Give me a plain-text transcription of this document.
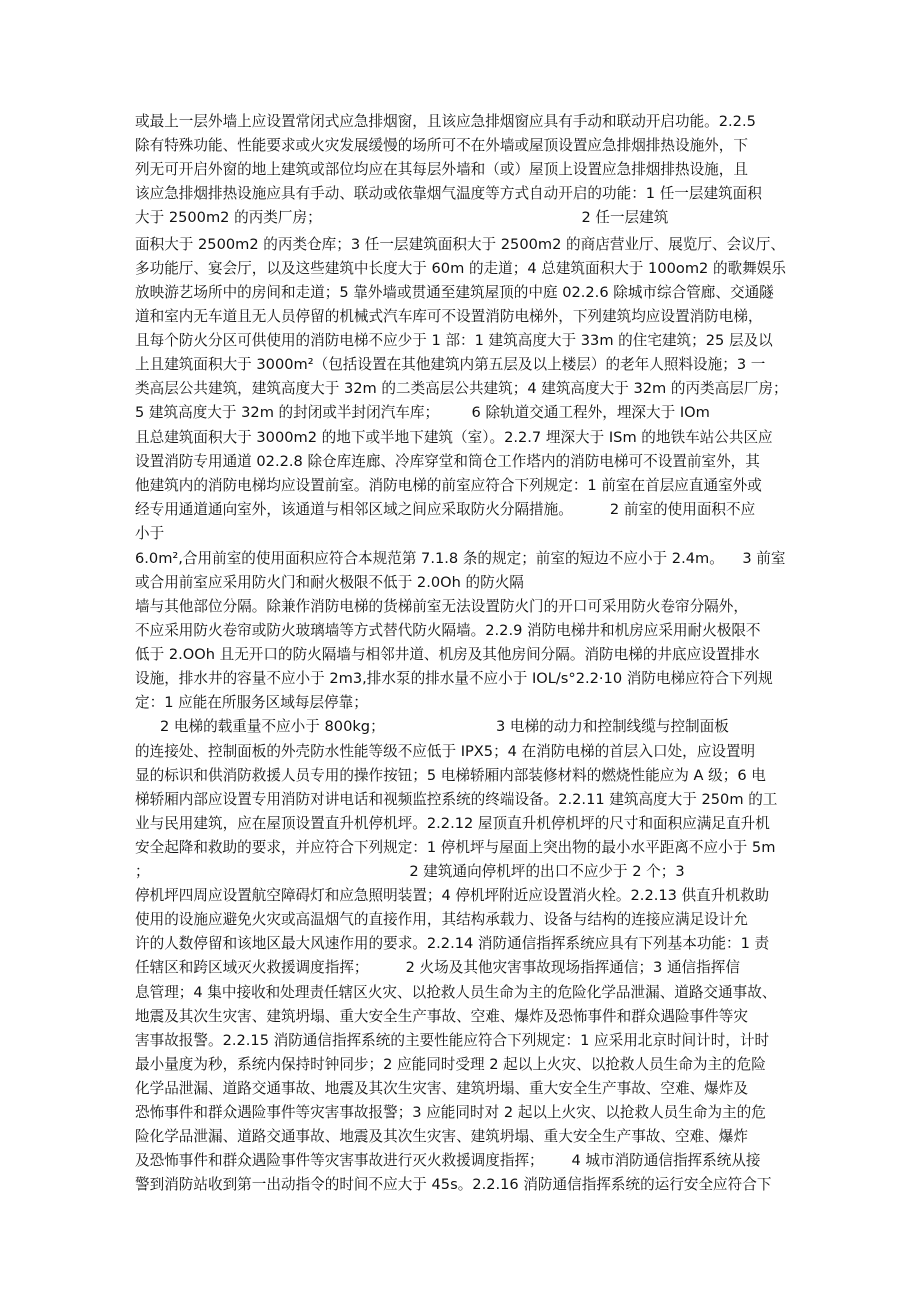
或最上一层外墙上应设置常闭式应急排烟窗，且该应急排烟窗应具有手动和联动开启功能。2.2.5
除有特殊功能、性能要求或火灾发展缓慢的场所可不在外墙或屋顶设置应急排烟排热设施外，下
列无可开启外窗的地上建筑或部位均应在其每层外墙和（或）屋顶上设置应急排烟排热设施，且
该应急排烟排热设施应具有手动、联动或依靠烟气温度等方式自动开启的功能：1 任一层建筑面积
大于 2500m2 的丙类厂房；                                                        2 任一层建筑
面积大于 2500m2 的丙类仓库；3 任一层建筑面积大于 2500m2 的商店营业厅、展览厅、会议厅、
多功能厅、宴会厅，以及这些建筑中长度大于 60m 的走道；4 总建筑面积大于 100om2 的歌舞娱乐
放映游艺场所中的房间和走道；5 靠外墙或贯通至建筑屋顶的中庭 02.2.6 除城市综合管廊、交通隧
道和室内无车道且无人员停留的机械式汽车库可不设置消防电梯外，下列建筑均应设置消防电梯，
且每个防火分区可供使用的消防电梯不应少于 1 部：1 建筑高度大于 33m 的住宅建筑；25 层及以
上且建筑面积大于 3000m²（包括设置在其他建筑内第五层及以上楼层）的老年人照料设施；3 一
类高层公共建筑，建筑高度大于 32m 的二类高层公共建筑；4 建筑高度大于 32m 的丙类高层厂房；
5 建筑高度大于 32m 的封闭或半封闭汽车库；       6 除轨道交通工程外，埋深大于 IOm
且总建筑面积大于 3000m2 的地下或半地下建筑（室）。2.2.7 埋深大于 ISm 的地铁车站公共区应
设置消防专用通道 02.2.8 除仓库连廊、冷库穿堂和筒仓工作塔内的消防电梯可不设置前室外，其
他建筑内的消防电梯均应设置前室。消防电梯的前室应符合下列规定：1 前室在首层应直通室外或
经专用通道通向室外，该通道与相邻区域之间应采取防火分隔措施。        2 前室的使用面积不应
小于
6.0m²,合用前室的使用面积应符合本规范第 7.1.8 条的规定；前室的短边不应小于 2.4m。    3 前室
或合用前室应采用防火门和耐火极限不低于 2.0Oh 的防火隔
墙与其他部位分隔。除兼作消防电梯的货梯前室无法设置防火门的开口可采用防火卷帘分隔外，
不应采用防火卷帘或防火玻璃墙等方式替代防火隔墙。2.2.9 消防电梯井和机房应采用耐火极限不
低于 2.OOh 且无开口的防火隔墙与相邻井道、机房及其他房间分隔。消防电梯的井底应设置排水
设施，排水井的容量不应小于 2m3,排水泵的排水量不应小于 IOL∕s°2.2·10 消防电梯应符合下列规
定：1 应能在所服务区域每层停靠；
2 电梯的载重量不应小于 800kg；                        3 电梯的动力和控制线缆与控制面板
的连接处、控制面板的外壳防水性能等级不应低于 IPX5；4 在消防电梯的首层入口处，应设置明
显的标识和供消防救援人员专用的操作按钮；5 电梯轿厢内部装修材料的燃烧性能应为 A 级；6 电
梯轿厢内部应设置专用消防对讲电话和视频监控系统的终端设备。2.2.11 建筑高度大于 250m 的工
业与民用建筑，应在屋顶设置直升机停机坪。2.2.12 屋顶直升机停机坪的尺寸和面积应满足直升机
安全起降和救助的要求，并应符合下列规定：1 停机坪与屋面上突出物的最小水平距离不应小于 5m
；                                                        2 建筑通向停机坪的出口不应少于 2 个；3
停机坪四周应设置航空障碍灯和应急照明装置；4 停机坪附近应设置消火栓。2.2.13 供直升机救助
使用的设施应避免火灾或高温烟气的直接作用，其结构承载力、设备与结构的连接应满足设计允
许的人数停留和该地区最大风速作用的要求。2.2.14 消防通信指挥系统应具有下列基本功能：1 责
任辖区和跨区域灭火救援调度指挥；        2 火场及其他灾害事故现场指挥通信；3 通信指挥信
息管理；4 集中接收和处理责任辖区火灾、以抢救人员生命为主的危险化学品泄漏、道路交通事故、
地震及其次生灾害、建筑坍塌、重大安全生产事故、空难、爆炸及恐怖事件和群众遇险事件等灾
害事故报警。2.2.15 消防通信指挥系统的主要性能应符合下列规定：1 应采用北京时间计时，计时
最小量度为秒，系统内保持时钟同步；2 应能同时受理 2 起以上火灾、以抢救人员生命为主的危险
化学品泄漏、道路交通事故、地震及其次生灾害、建筑坍塌、重大安全生产事故、空难、爆炸及
恐怖事件和群众遇险事件等灾害事故报警；3 应能同时对 2 起以上火灾、以抢救人员生命为主的危
险化学品泄漏、道路交通事故、地震及其次生灾害、建筑坍塌、重大安全生产事故、空难、爆炸
及恐怖事件和群众遇险事件等灾害事故进行灭火救援调度指挥；      4 城市消防通信指挥系统从接
警到消防站收到第一出动指令的时间不应大于 45s。2.2.16 消防通信指挥系统的运行安全应符合下
